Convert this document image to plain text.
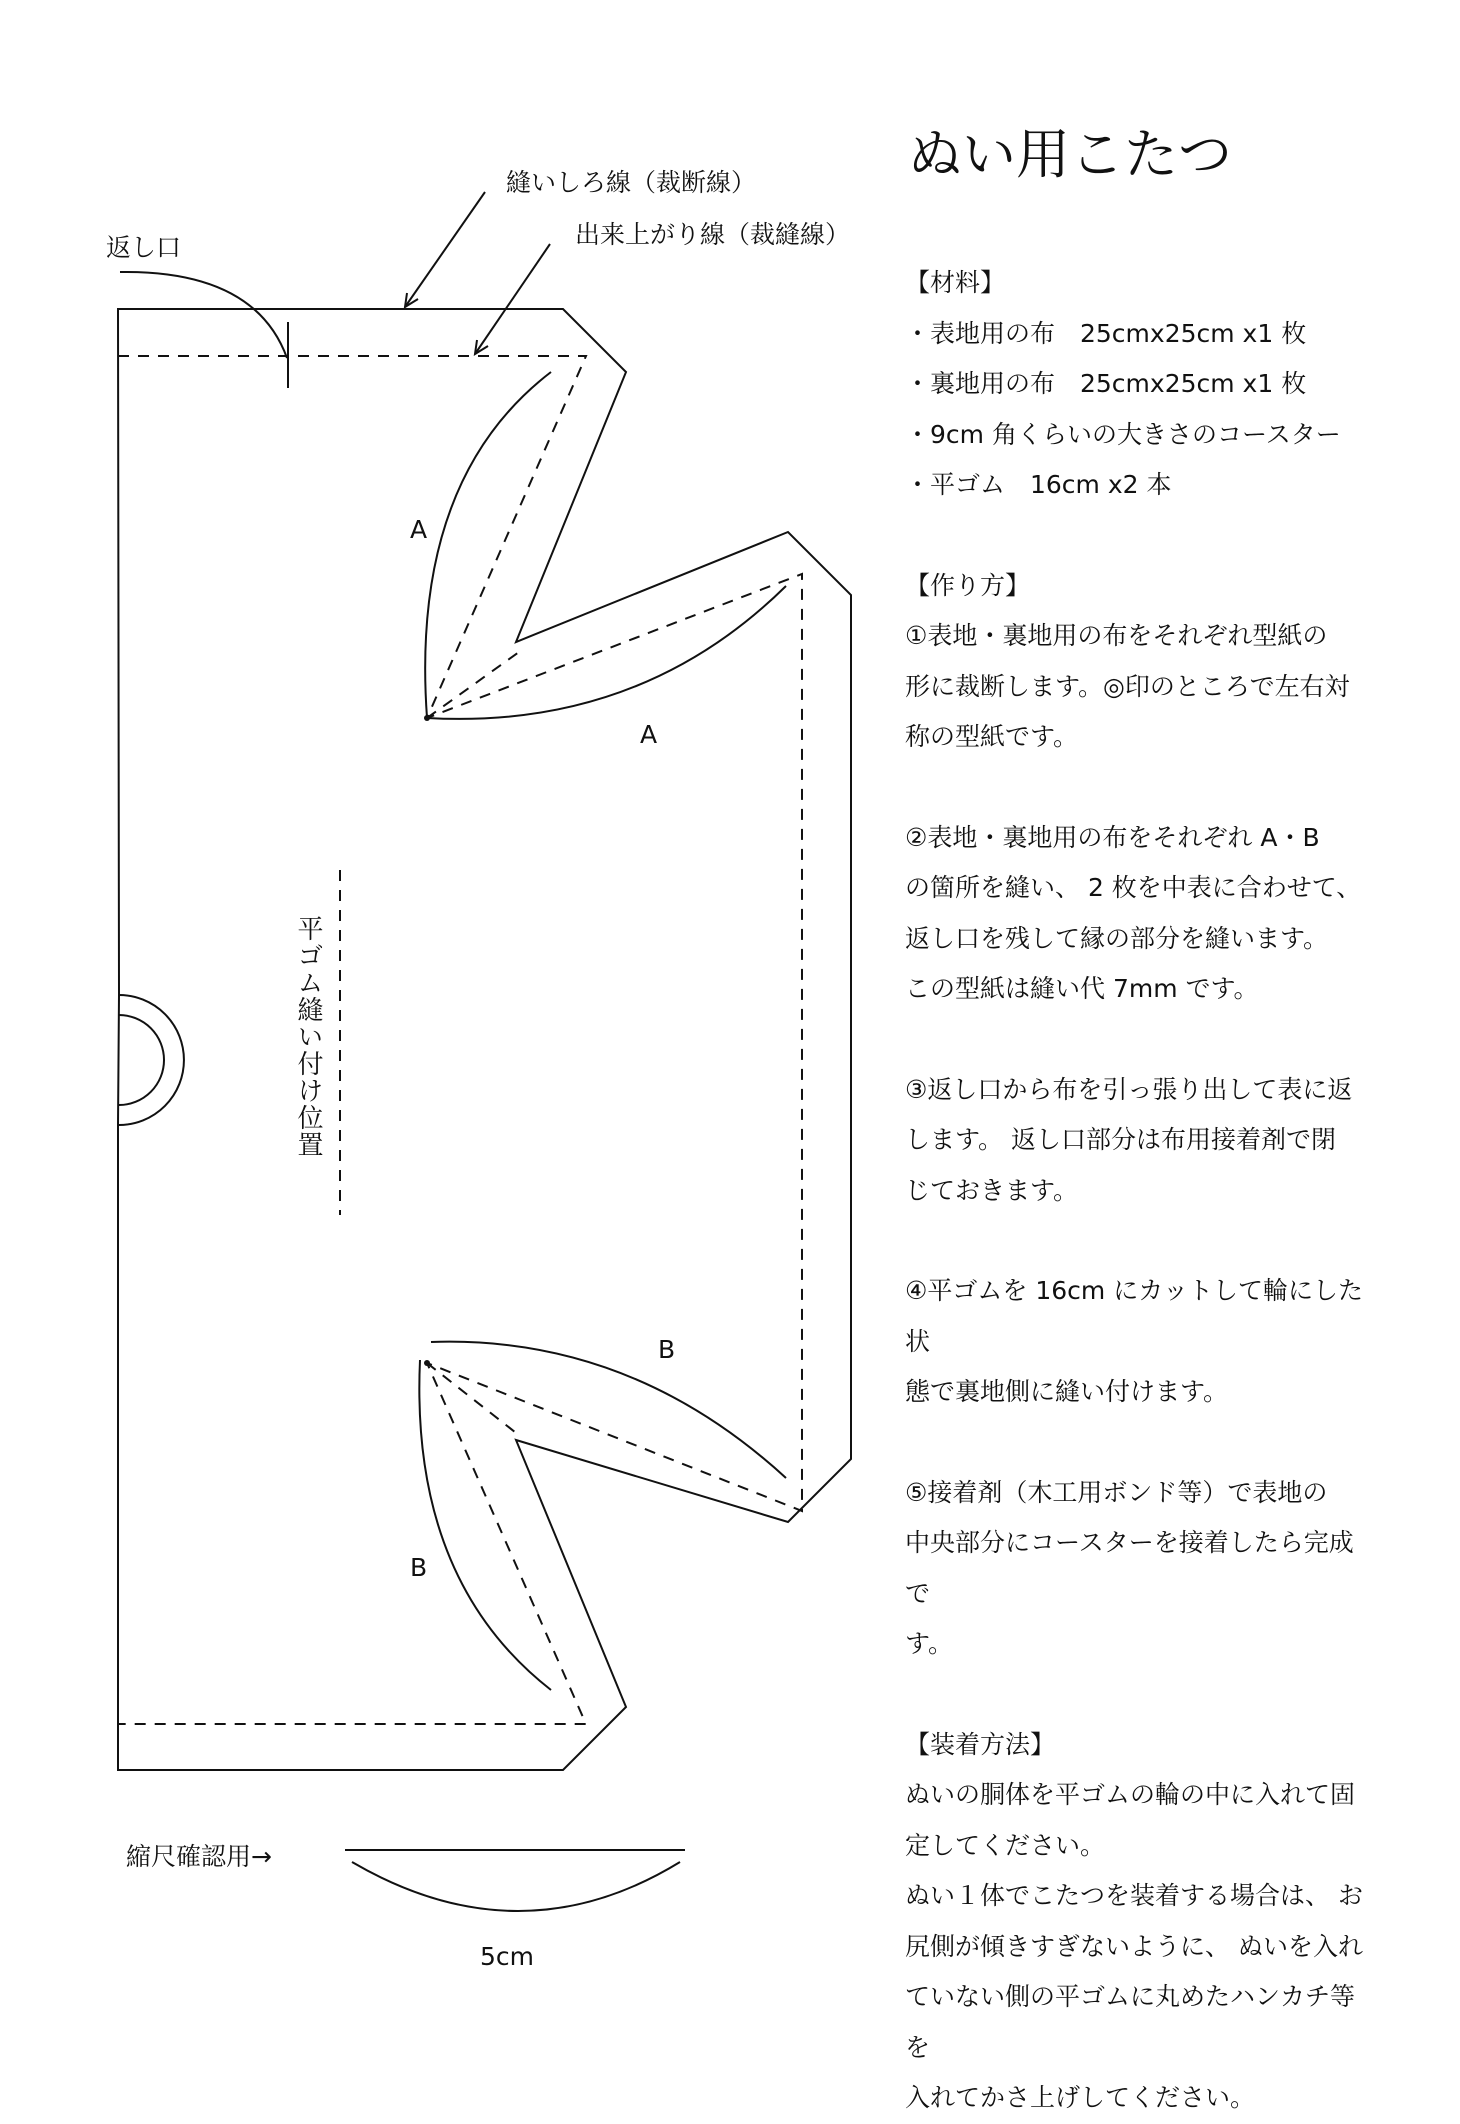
縫いしろ線（裁断線）
出来上がり線（裁縫線）
返し口
A
A
B
B
平ゴム縫い付け位置
縮尺確認用→
5cm
ぬい用こたつ

【材料】

・表地用の布　25cmx25cm x1 枚

・裏地用の布　25cmx25cm x1 枚

・9cm 角くらいの大きさのコースター

・平ゴム　16cm x2 本

【作り方】

①表地・裏地用の布をそれぞれ型紙の

形に裁断します。◎印のところで左右対

称の型紙です。

②表地・裏地用の布をそれぞれ A・B

の箇所を縫い、 2 枚を中表に合わせて、

返し口を残して縁の部分を縫います。

この型紙は縫い代 7mm です。

③返し口から布を引っ張り出して表に返

します。 返し口部分は布用接着剤で閉

じておきます。

④平ゴムを 16cm にカットして輪にした状

態で裏地側に縫い付けます。

⑤接着剤（木工用ボンド等）で表地の

中央部分にコースターを接着したら完成で

す。

【装着方法】

ぬいの胴体を平ゴムの輪の中に入れて固

定してください。

ぬい１体でこたつを装着する場合は、 お

尻側が傾きすぎないように、 ぬいを入れ

ていない側の平ゴムに丸めたハンカチ等を

入れてかさ上げしてください。
